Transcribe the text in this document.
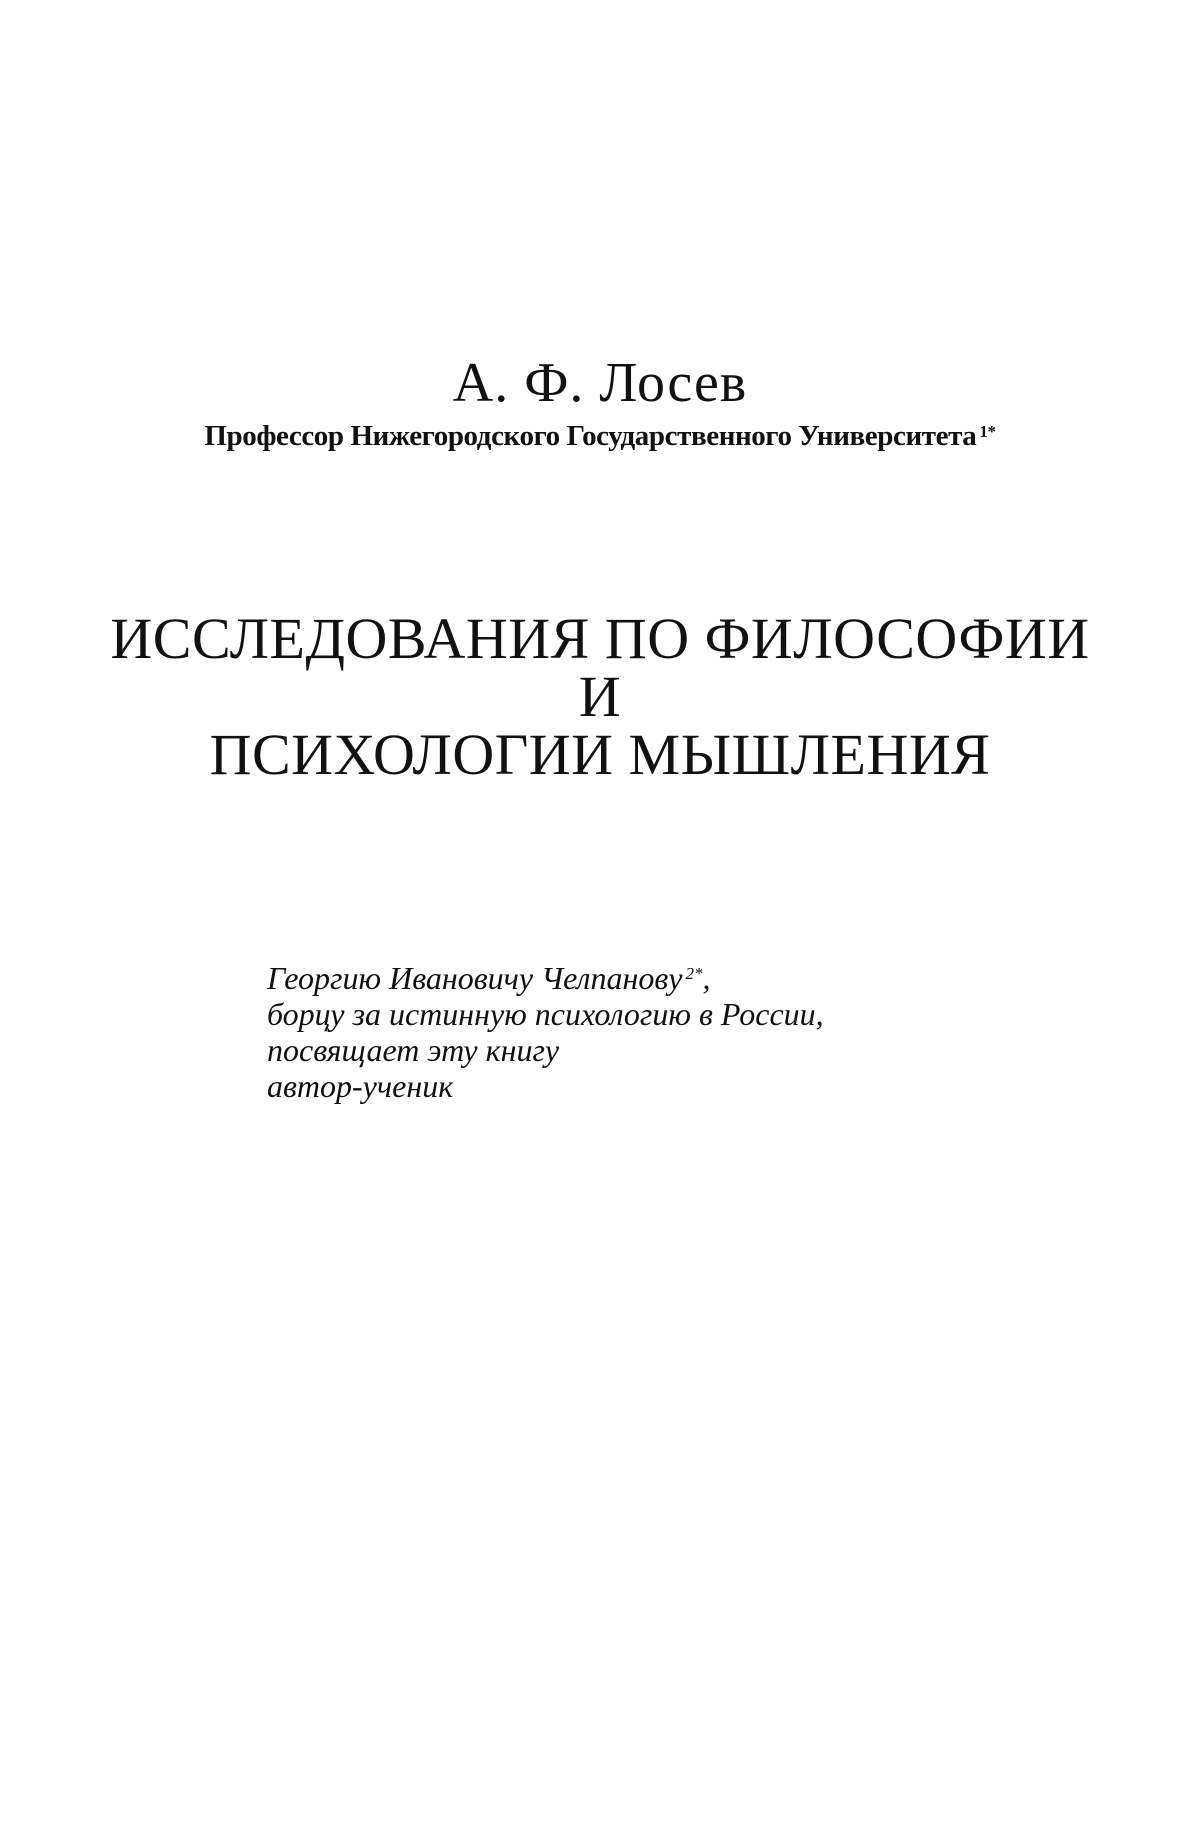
А. Ф. Лосев
Профессор Нижегородского Государственного Университета $^{1*}$
ИССЛЕДОВАНИЯ ПО ФИЛОСОФИИ
И
ПСИХОЛОГИИ МЫШЛЕНИЯ
Георгию Ивановичу Челпанову $^{2*}$,
борцу за истинную психологию в России,
посвящает эту книгу
автор-ученик
